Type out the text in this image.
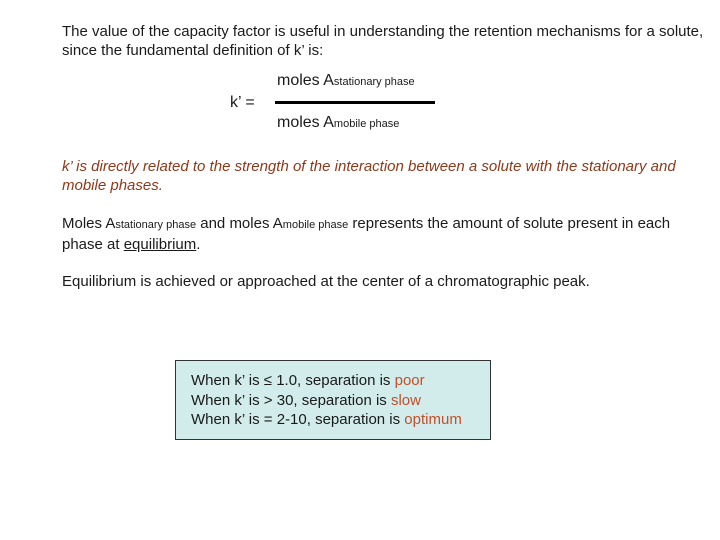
The value of the capacity factor is useful in understanding the retention mechanisms for a solute, since the fundamental definition of k’ is:
k’ =
moles Astationary phase
moles Amobile phase
k’ is directly related to the strength of the interaction between a solute with the stationary and mobile phases.
Moles Astationary phase and moles Amobile phase represents the amount of solute present in each phase at equilibrium.
Equilibrium is achieved or approached at the center of a chromatographic peak.
When k’ is ≤ 1.0, separation is poor
When k’ is > 30, separation is slow
When k’ is = 2-10, separation is optimum
